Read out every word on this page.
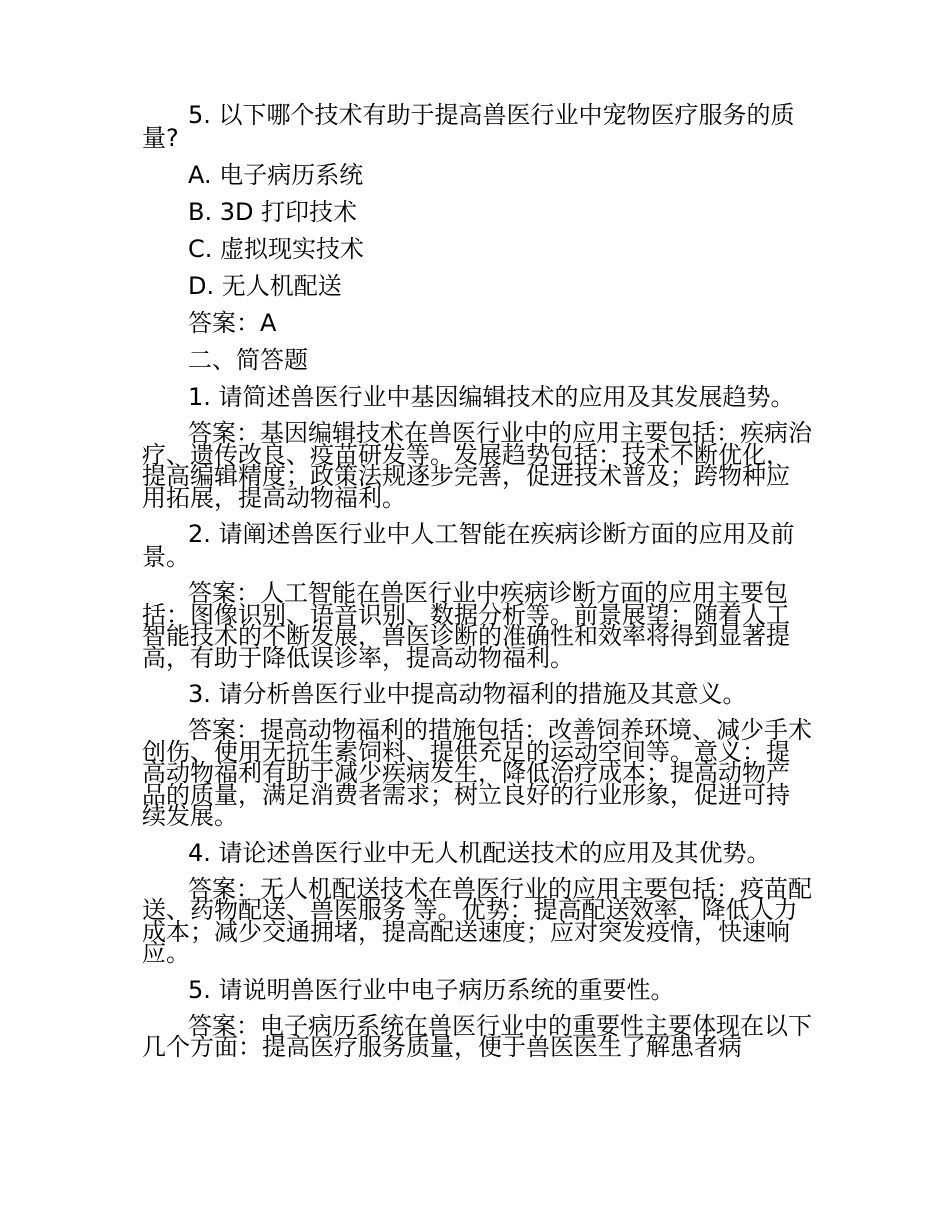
5. 以下哪个技术有助于提高兽医行业中宠物医疗服务的质量?

A. 电子病历系统

B. 3D 打印技术

C. 虚拟现实技术

D. 无人机配送

答案：A

二、简答题

1. 请简述兽医行业中基因编辑技术的应用及其发展趋势。

答案：基因编辑技术在兽医行业中的应用主要包括：疾病治疗、遗传改良、疫苗研发等。发展趋势包括：技术不断优化，提高编辑精度；政策法规逐步完善，促进技术普及；跨物种应用拓展，提高动物福利。

2. 请阐述兽医行业中人工智能在疾病诊断方面的应用及前景。

答案：人工智能在兽医行业中疾病诊断方面的应用主要包括：图像识别、语音识别、数据分析等。前景展望：随着人工智能技术的不断发展，兽医诊断的准确性和效率将得到显著提高，有助于降低误诊率，提高动物福利。

3. 请分析兽医行业中提高动物福利的措施及其意义。

答案：提高动物福利的措施包括：改善饲养环境、减少手术创伤、使用无抗生素饲料、提供充足的运动空间等。意义：提高动物福利有助于减少疾病发生，降低治疗成本；提高动物产品的质量，满足消费者需求；树立良好的行业形象，促进可持续发展。

4. 请论述兽医行业中无人机配送技术的应用及其优势。

答案：无人机配送技术在兽医行业的应用主要包括：疫苗配送、药物配送、兽医服务 等。优势：提高配送效率，降低人力成本；减少交通拥堵，提高配送速度；应对突发疫情，快速响应。

5. 请说明兽医行业中电子病历系统的重要性。

答案：电子病历系统在兽医行业中的重要性主要体现在以下几个方面：提高医疗服务质量，便于兽医医生了解患者病
